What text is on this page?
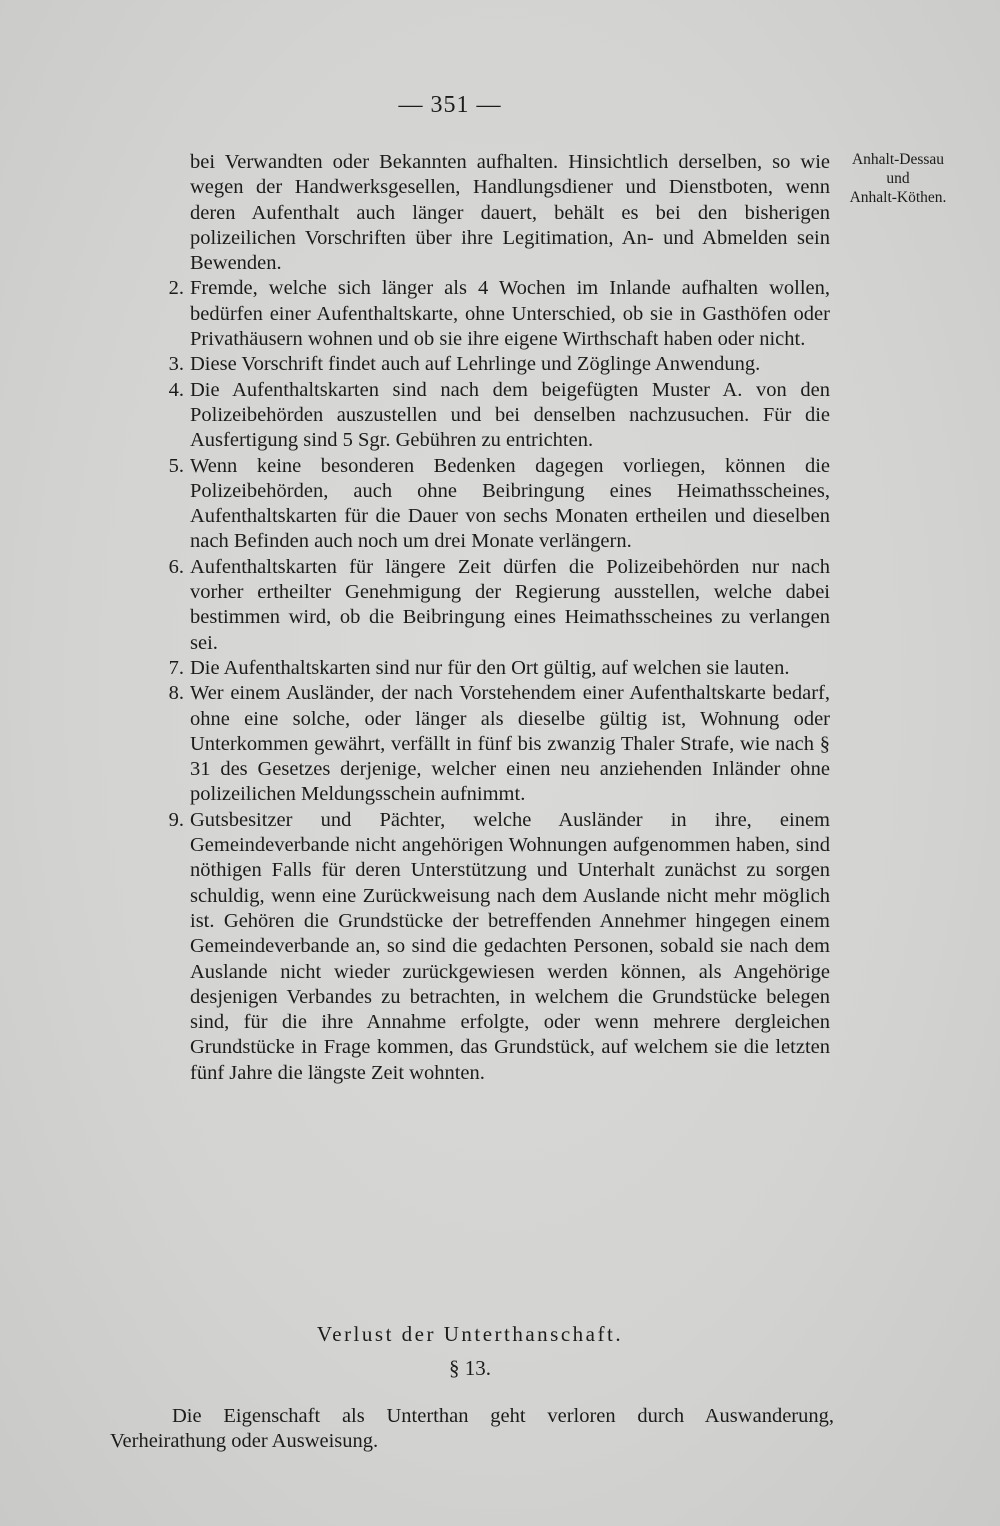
— 351 —
Anhalt-Dessau
und
Anhalt-Köthen.

bei Verwandten oder Bekannten aufhalten. Hinsichtlich derselben, so wie wegen der Handwerksgesellen, Handlungsdiener und Dienstboten, wenn deren Aufenthalt auch länger dauert, behält es bei den bisherigen polizeilichen Vorschriften über ihre Legitimation, An- und Abmelden sein Bewenden.

2. Fremde, welche sich länger als 4 Wochen im Inlande aufhalten wollen, bedürfen einer Aufenthaltskarte, ohne Unterschied, ob sie in Gasthöfen oder Privathäusern wohnen und ob sie ihre eigene Wirthschaft haben oder nicht.

3. Diese Vorschrift findet auch auf Lehrlinge und Zöglinge Anwendung.

4. Die Aufenthaltskarten sind nach dem beigefügten Muster A. von den Polizeibehörden auszustellen und bei denselben nachzusuchen. Für die Ausfertigung sind 5 Sgr. Gebühren zu entrichten.

5. Wenn keine besonderen Bedenken dagegen vorliegen, können die Polizeibehörden, auch ohne Beibringung eines Heimathsscheines, Aufenthaltskarten für die Dauer von sechs Monaten ertheilen und dieselben nach Befinden auch noch um drei Monate verlängern.

6. Aufenthaltskarten für längere Zeit dürfen die Polizeibehörden nur nach vorher ertheilter Genehmigung der Regierung ausstellen, welche dabei bestimmen wird, ob die Beibringung eines Heimathsscheines zu verlangen sei.

7. Die Aufenthaltskarten sind nur für den Ort gültig, auf welchen sie lauten.

8. Wer einem Ausländer, der nach Vorstehendem einer Aufenthaltskarte bedarf, ohne eine solche, oder länger als dieselbe gültig ist, Wohnung oder Unterkommen gewährt, verfällt in fünf bis zwanzig Thaler Strafe, wie nach § 31 des Gesetzes derjenige, welcher einen neu anziehenden Inländer ohne polizeilichen Meldungsschein aufnimmt.

9. Gutsbesitzer und Pächter, welche Ausländer in ihre, einem Gemeindeverbande nicht angehörigen Wohnungen aufgenommen haben, sind nöthigen Falls für deren Unterstützung und Unterhalt zunächst zu sorgen schuldig, wenn eine Zurückweisung nach dem Auslande nicht mehr möglich ist. Gehören die Grundstücke der betreffenden Annehmer hingegen einem Gemeindeverbande an, so sind die gedachten Personen, sobald sie nach dem Auslande nicht wieder zurückgewiesen werden können, als Angehörige desjenigen Verbandes zu betrachten, in welchem die Grundstücke belegen sind, für die ihre Annahme erfolgte, oder wenn mehrere dergleichen Grundstücke in Frage kommen, das Grundstück, auf welchem sie die letzten fünf Jahre die längste Zeit wohnten.

Verlust der Unterthanschaft.
§ 13.

Die Eigenschaft als Unterthan geht verloren durch Auswanderung, Verheirathung oder Ausweisung.
